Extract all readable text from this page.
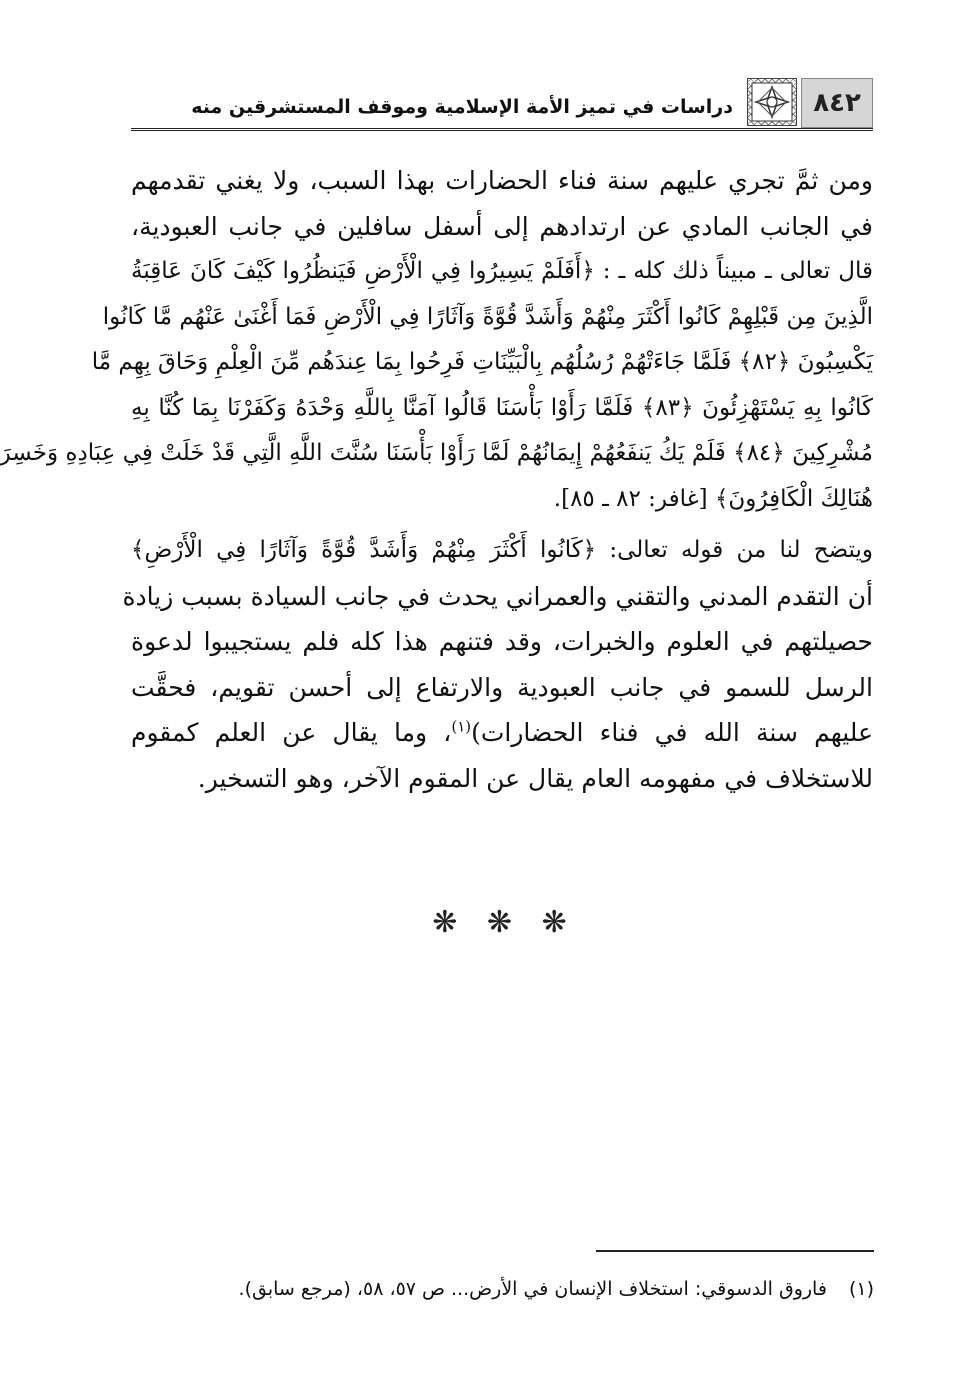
٨٤٢
دراسات في تميز الأمة الإسلامية وموقف المستشرقين منه
ومن ثمَّ تجري عليهم سنة فناء الحضارات بهذا السبب، ولا يغني تقدمهم
في الجانب المادي عن ارتدادهم إلى أسفل سافلين في جانب العبودية،
قال تعالى ـ مبيناً ذلك كله ـ : ﴿أَفَلَمْ يَسِيرُوا فِي الْأَرْضِ فَيَنظُرُوا كَيْفَ كَانَ عَاقِبَةُ
الَّذِينَ مِن قَبْلِهِمْ كَانُوا أَكْثَرَ مِنْهُمْ وَأَشَدَّ قُوَّةً وَآثَارًا فِي الْأَرْضِ فَمَا أَغْنَىٰ عَنْهُم مَّا كَانُوا
يَكْسِبُونَ ﴿٨٢﴾ فَلَمَّا جَاءَتْهُمْ رُسُلُهُم بِالْبَيِّنَاتِ فَرِحُوا بِمَا عِندَهُم مِّنَ الْعِلْمِ وَحَاقَ بِهِم مَّا
كَانُوا بِهِ يَسْتَهْزِئُونَ ﴿٨٣﴾ فَلَمَّا رَأَوْا بَأْسَنَا قَالُوا آمَنَّا بِاللَّهِ وَحْدَهُ وَكَفَرْنَا بِمَا كُنَّا بِهِ
مُشْرِكِينَ ﴿٨٤﴾ فَلَمْ يَكُ يَنفَعُهُمْ إِيمَانُهُمْ لَمَّا رَأَوْا بَأْسَنَا سُنَّتَ اللَّهِ الَّتِي قَدْ خَلَتْ فِي عِبَادِهِ وَخَسِرَ
هُنَالِكَ الْكَافِرُونَ﴾ [غافر: ٨٢ ـ ٨٥].
ويتضح لنا من قوله تعالى: ﴿كَانُوا أَكْثَرَ مِنْهُمْ وَأَشَدَّ قُوَّةً وَآثَارًا فِي الْأَرْضِ﴾
أن التقدم المدني والتقني والعمراني يحدث في جانب السيادة بسبب زيادة
حصيلتهم في العلوم والخبرات، وقد فتنهم هذا كله فلم يستجيبوا لدعوة
الرسل للسمو في جانب العبودية والارتفاع إلى أحسن تقويم، فحقَّت
عليهم سنة الله في فناء الحضارات)$^{(١)}$، وما يقال عن العلم كمقوم
للاستخلاف في مفهومه العام يقال عن المقوم الآخر، وهو التسخير.
❋ ❋ ❋
(١)فاروق الدسوقي: استخلاف الإنسان في الأرض... ص ٥٧، ٥٨، (مرجع سابق).
